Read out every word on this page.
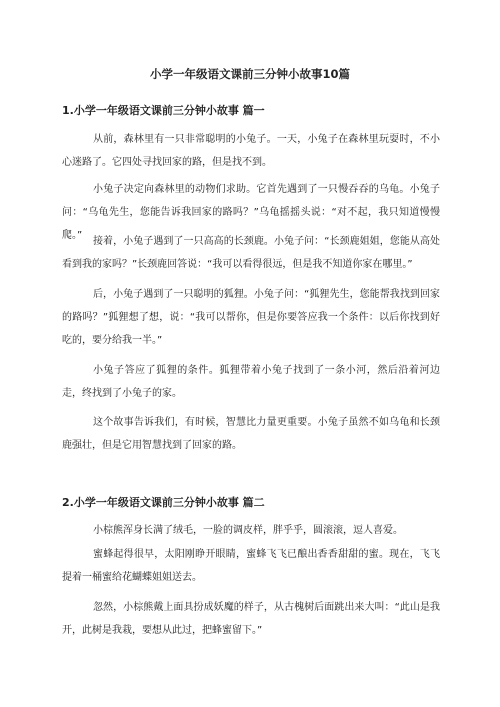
小学一年级语文课前三分钟小故事10篇
1.小学一年级语文课前三分钟小故事 篇一

从前，森林里有一只非常聪明的小兔子。一天，小兔子在森林里玩耍时，不小心迷路了。它四处寻找回家的路，但是找不到。

小兔子决定向森林里的动物们求助。它首先遇到了一只慢吞吞的乌龟。小兔子问：“乌龟先生，您能告诉我回家的路吗？”乌龟摇摇头说：“对不起，我只知道慢慢爬。”

接着，小兔子遇到了一只高高的长颈鹿。小兔子问：“长颈鹿姐姐，您能从高处看到我的家吗？”长颈鹿回答说：“我可以看得很远，但是我不知道你家在哪里。”

后，小兔子遇到了一只聪明的狐狸。小兔子问：“狐狸先生，您能帮我找到回家的路吗？”狐狸想了想，说：“我可以帮你，但是你要答应我一个条件：以后你找到好吃的，要分给我一半。”

小兔子答应了狐狸的条件。狐狸带着小兔子找到了一条小河，然后沿着河边走，终找到了小兔子的家。

这个故事告诉我们，有时候，智慧比力量更重要。小兔子虽然不如乌龟和长颈鹿强壮，但是它用智慧找到了回家的路。

2.小学一年级语文课前三分钟小故事 篇二

小棕熊浑身长满了绒毛，一脸的调皮样，胖乎乎，圆滚滚，逗人喜爱。

蜜蜂起得很早，太阳刚睁开眼睛，蜜蜂飞飞已酿出香香甜甜的蜜。现在，飞飞提着一桶蜜给花蝴蝶姐姐送去。

忽然，小棕熊戴上面具扮成妖魔的样子，从古槐树后面跳出来大叫：“此山是我开，此树是我栽，要想从此过，把蜂蜜留下。”
